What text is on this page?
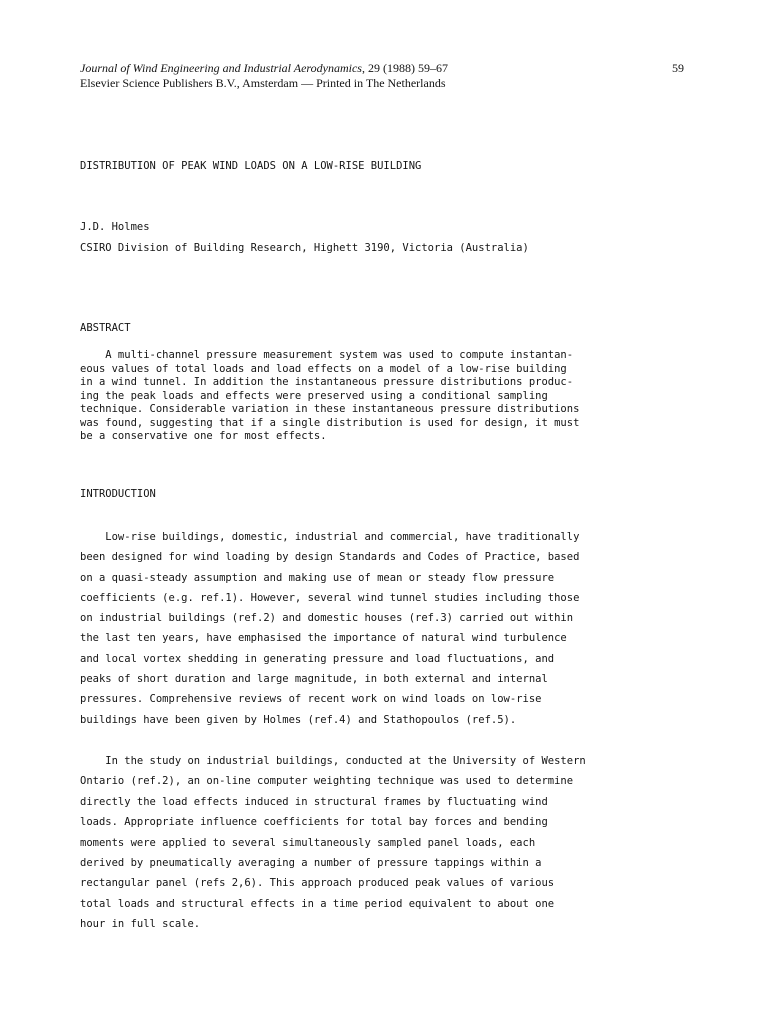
Journal of Wind Engineering and Industrial Aerodynamics, 29 (1988) 59–67
Elsevier Science Publishers B.V., Amsterdam — Printed in The Netherlands
59
DISTRIBUTION OF PEAK WIND LOADS ON A LOW-RISE BUILDING
J.D. Holmes
CSIRO Division of Building Research, Highett 3190, Victoria (Australia)
ABSTRACT
A multi-channel pressure measurement system was used to compute instantan-
eous values of total loads and load effects on a model of a low-rise building
in a wind tunnel. In addition the instantaneous pressure distributions produc-
ing the peak loads and effects were preserved using a conditional sampling
technique. Considerable variation in these instantaneous pressure distributions
was found, suggesting that if a single distribution is used for design, it must
be a conservative one for most effects.
INTRODUCTION
Low-rise buildings, domestic, industrial and commercial, have traditionally
been designed for wind loading by design Standards and Codes of Practice, based
on a quasi-steady assumption and making use of mean or steady flow pressure
coefficients (e.g. ref.1). However, several wind tunnel studies including those
on industrial buildings (ref.2) and domestic houses (ref.3) carried out within
the last ten years, have emphasised the importance of natural wind turbulence
and local vortex shedding in generating pressure and load fluctuations, and
peaks of short duration and large magnitude, in both external and internal
pressures. Comprehensive reviews of recent work on wind loads on low-rise
buildings have been given by Holmes (ref.4) and Stathopoulos (ref.5).
In the study on industrial buildings, conducted at the University of Western
Ontario (ref.2), an on-line computer weighting technique was used to determine
directly the load effects induced in structural frames by fluctuating wind
loads. Appropriate influence coefficients for total bay forces and bending
moments were applied to several simultaneously sampled panel loads, each
derived by pneumatically averaging a number of pressure tappings within a
rectangular panel (refs 2,6). This approach produced peak values of various
total loads and structural effects in a time period equivalent to about one
hour in full scale.
